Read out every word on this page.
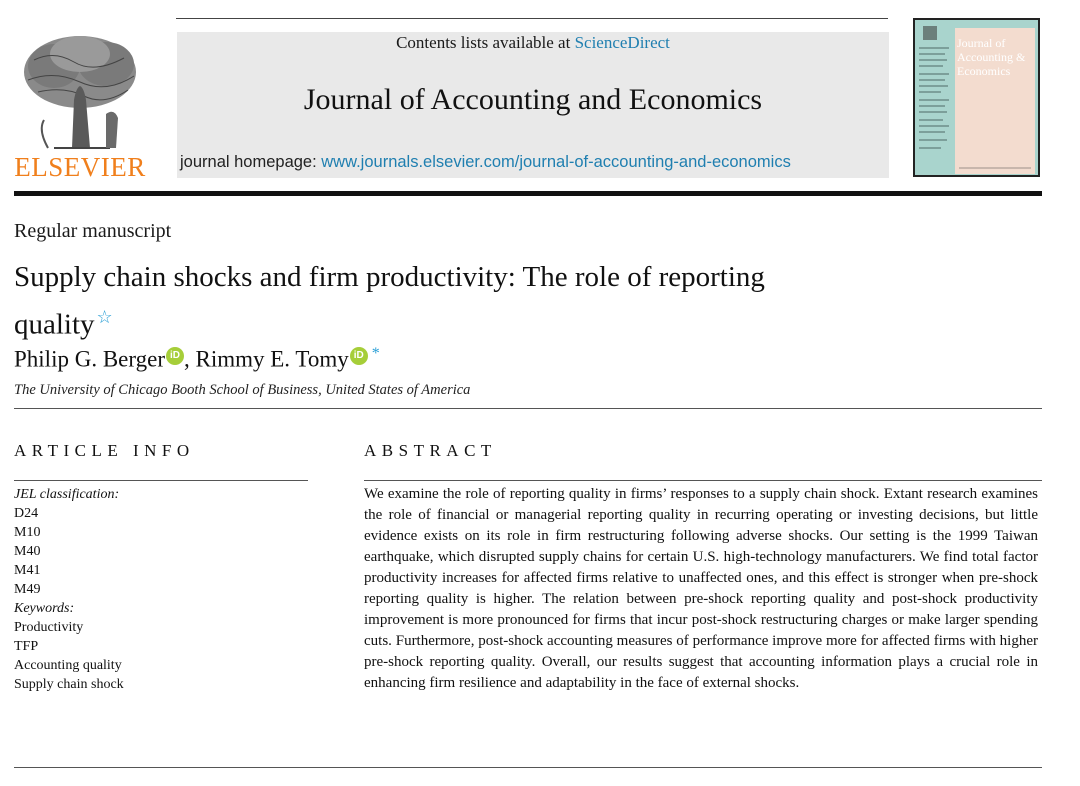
ELSEVIER
Contents lists available at ScienceDirect
Journal of Accounting and Economics
journal homepage: www.journals.elsevier.com/journal-of-accounting-and-economics
Journal of Accounting & Economics
Regular manuscript
Supply chain shocks and firm productivity: The role of reporting
quality ☆
Philip G. Berger iD , Rimmy E. Tomy iD *
The University of Chicago Booth School of Business, United States of America
ARTICLE INFO
JEL classification:
D24
M10
M40
M41
M49
Keywords:
Productivity
TFP
Accounting quality
Supply chain shock
ABSTRACT
We examine the role of reporting quality in firms’ responses to a supply chain shock. Extant research examines the role of financial or managerial reporting quality in recurring operating or investing decisions, but little evidence exists on its role in firm restructuring following adverse shocks. Our setting is the 1999 Taiwan earthquake, which disrupted supply chains for certain U.S. high-technology manufacturers. We find total factor productivity increases for affected firms relative to unaffected ones, and this effect is stronger when pre-shock reporting quality is higher. The relation between pre-shock reporting quality and post-shock productivity improvement is more pronounced for firms that incur post-shock restructuring charges or make larger spending cuts. Furthermore, post-shock accounting measures of performance improve more for affected firms with higher pre-shock reporting quality. Overall, our results suggest that accounting information plays a crucial role in enhancing firm resilience and adaptability in the face of external shocks.
